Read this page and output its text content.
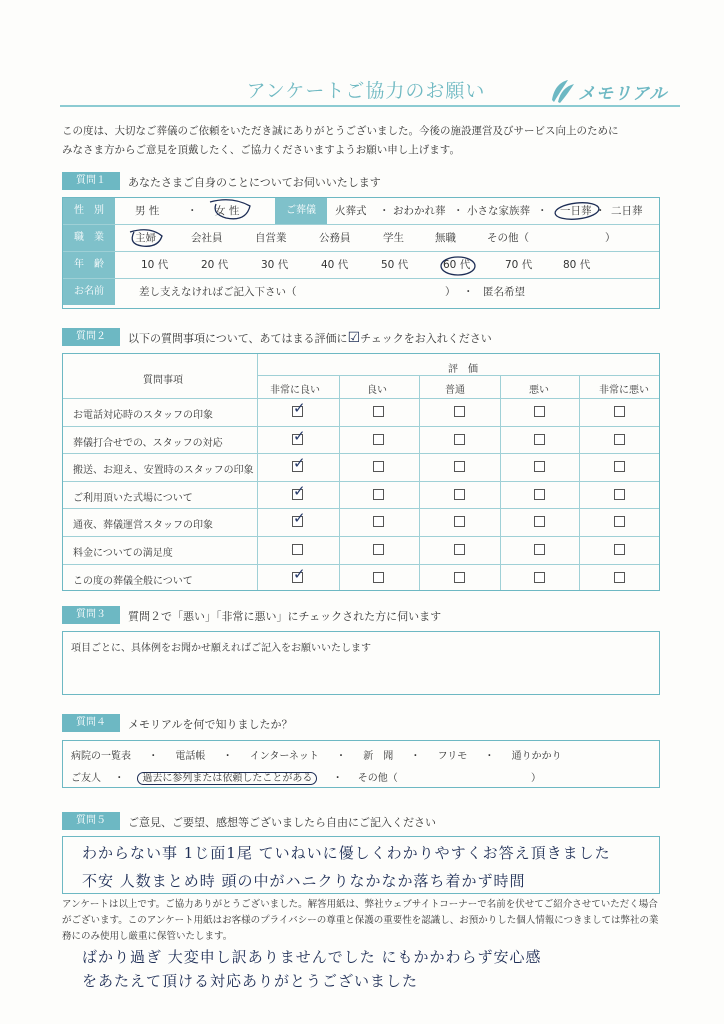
アンケートご協力のお願い	メモリアル
この度は、大切なご葬儀のご依頼をいただき誠にありがとうございました。今後の施設運営及びサービス向上のために
みなさま方からご意見を頂戴したく、ご協力くださいますようお願い申し上げます。
質問１	あなたさまご自身のことについてお伺いいたします
性　別	男 性	・ 女 性	ご葬儀	火葬式 ・ おわかれ葬 ・ 小さな家族葬 ・ 一日葬 ・ 二日葬
職　業	主婦	会社員	自営業	公務員	学生	無職	その他（	）
年　齢	10 代	20 代	30 代	40 代	50 代	60 代	70 代	80 代
お名前	差し支えなければご記入下さい（	） ・ 匿名希望
質問２	以下の質問事項について、あてはまる評価に☑チェックをお入れください
質問事項
評　価
非常に良い	良い	普通	悪い	非常に悪い
お電話対応時のスタッフの印象	✓
葬儀打合せでの、スタッフの対応	✓
搬送、お迎え、安置時のスタッフの印象	✓
ご利用頂いた式場について	✓
通夜、葬儀運営スタッフの印象	✓
料金についての満足度
この度の葬儀全般について	✓
質問３	質問２で「悪い」「非常に悪い」にチェックされた方に伺います
項目ごとに、具体例をお聞かせ願えればご記入をお願いいたします
質問４	メモリアルを何で知りましたか？
病院の一覧表 ・ 電話帳 ・ インターネット ・ 新　聞 ・ フリモ ・ 通りかかり
ご友人 ・ 過去に参列または依頼したことがある ・ その他（	）
質問５	ご意見、ご要望、感想等ございましたら自由にご記入ください
わからない事 1じ面1尾 ていねいに優しくわかりやすくお答え頂きました
不安 人数まとめ時 頭の中がハニクりなかなか落ち着かず時間
ばかり過ぎ 大変申し訳ありませんでした にもかかわらず安心感
をあたえて頂ける対応ありがとうございました
アンケートは以上です。ご協力ありがとうございました。解答用紙は、弊社ウェブサイトコーナーで名前を伏せてご紹介させていただく場合
がございます。このアンケート用紙はお客様のプライバシーの尊重と保護の重要性を認識し、お預かりした個人情報につきましては弊社の業
務にのみ使用し厳重に保管いたします。
